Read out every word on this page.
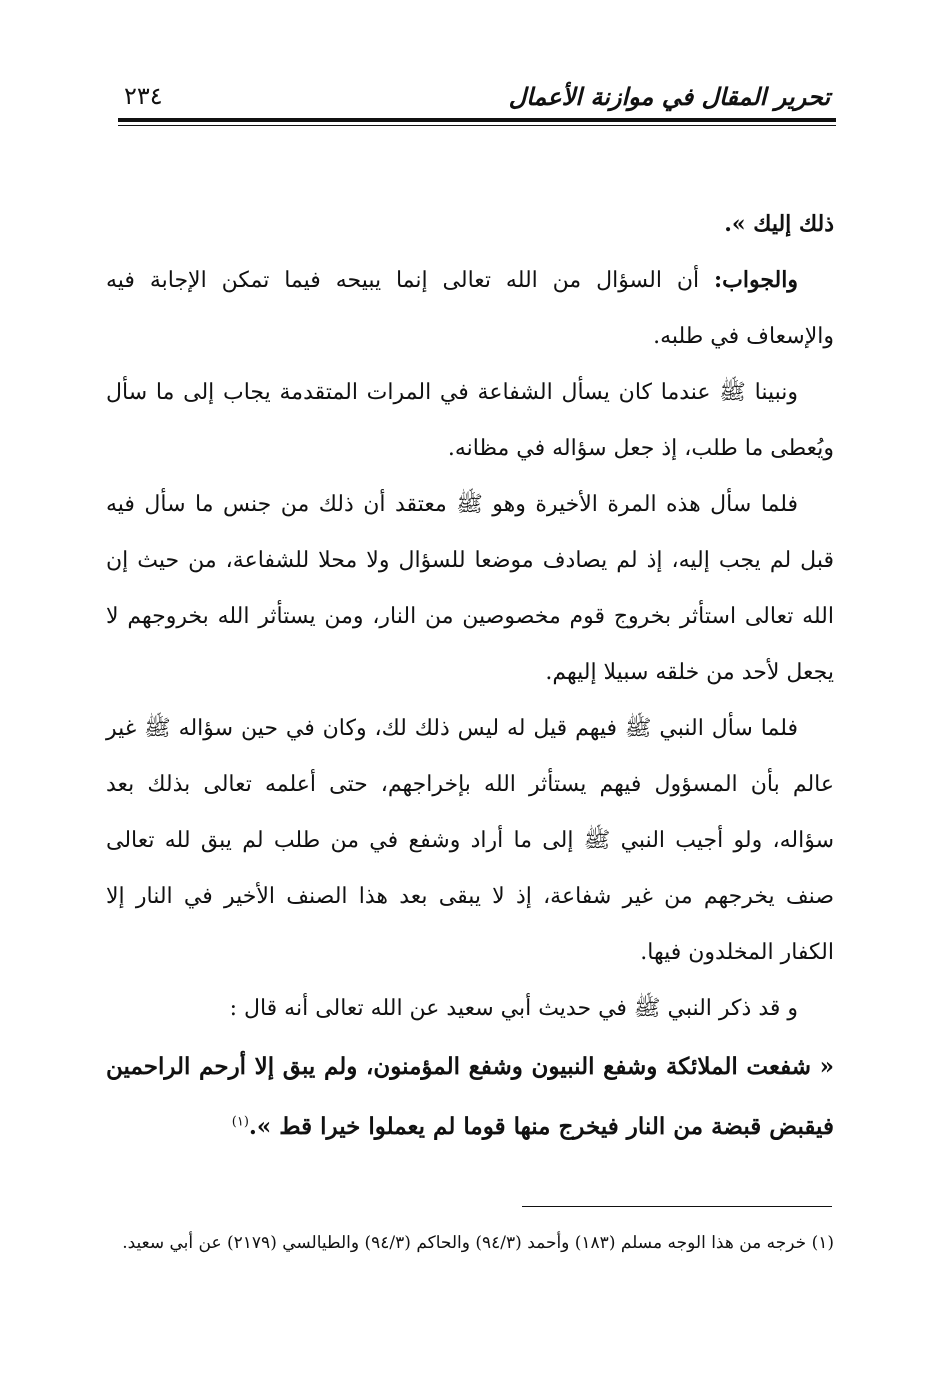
تحرير المقال في موازنة الأعمال
٢٣٤

ذلك إليك ».

والجواب: أن السؤال من الله تعالى إنما يبيحه فيما تمكن الإجابة فيه والإسعاف في طلبه.

ونبينا ﷺ عندما كان يسأل الشفاعة في المرات المتقدمة يجاب إلى ما سأل ويُعطى ما طلب، إذ جعل سؤاله في مظانه.

فلما سأل هذه المرة الأخيرة وهو ﷺ معتقد أن ذلك من جنس ما سأل فيه قبل لم يجب إليه، إذ لم يصادف موضعا للسؤال ولا محلا للشفاعة، من حيث إن الله تعالى استأثر بخروج قوم مخصوصين من النار، ومن يستأثر الله بخروجهم لا يجعل لأحد من خلقه سبيلا إليهم.

فلما سأل النبي ﷺ فيهم قيل له ليس ذلك لك، وكان في حين سؤاله ﷺ غير عالم بأن المسؤول فيهم يستأثر الله بإخراجهم، حتى أعلمه تعالى بذلك بعد سؤاله، ولو أجيب النبي ﷺ إلى ما أراد وشفع في من طلب لم يبق لله تعالى صنف يخرجهم من غير شفاعة، إذ لا يبقى بعد هذا الصنف الأخير في النار إلا الكفار المخلدون فيها.

و قد ذكر النبي ﷺ في حديث أبي سعيد عن الله تعالى أنه قال :

« شفعت الملائكة وشفع النبيون وشفع المؤمنون، ولم يبق إلا أرحم الراحمين فيقبض قبضة من النار فيخرج منها قوما لم يعملوا خيرا قط ».$^{(١)}$

(١) خرجه من هذا الوجه مسلم (١٨٣) وأحمد (٩٤/٣) والحاكم (٩٤/٣) والطيالسي (٢١٧٩) عن أبي سعيد.
